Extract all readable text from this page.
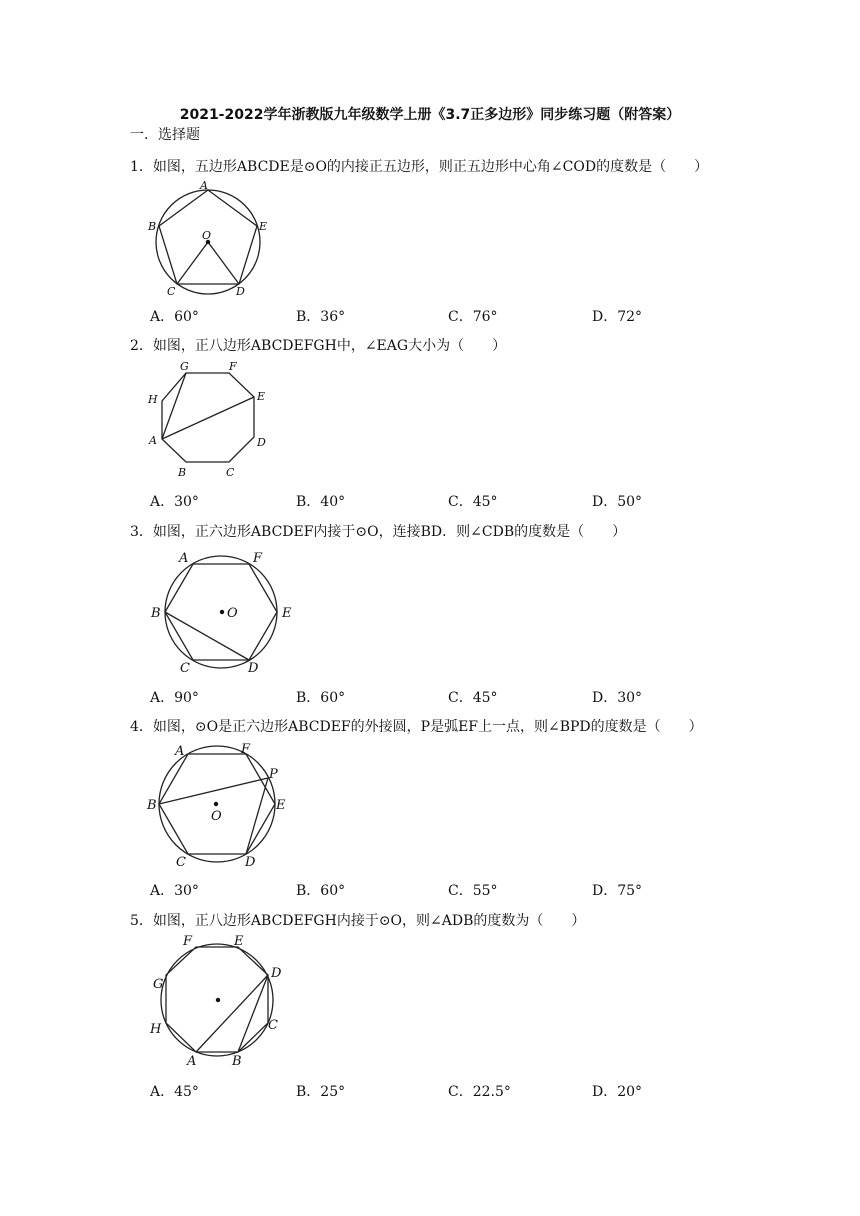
2021-2022学年浙教版九年级数学上册《3.7正多边形》同步练习题（附答案）
一．选择题
1．如图，五边形ABCDE是⊙O的内接正五边形，则正五边形中心角∠COD的度数是（　　）
A
B
C	D
E
O
A．60°	B．36°	C．76°	D．72°
2．如图，正八边形ABCDEFGH中，∠EAG大小为（　　）
A
B	C
D
E
F
G
H
A．30°	B．40°	C．45°	D．50°
3．如图，正六边形ABCDEF内接于⊙O，连接BD．则∠CDB的度数是（　　）
A
B
C	D
E
F
O
A．90°	B．60°	C．45°	D．30°
4．如图，⊙O是正六边形ABCDEF的外接圆，P是弧EF上一点，则∠BPD的度数是（　　）
A
B
C	D
E
F
P
O
A．30°	B．60°	C．55°	D．75°
5．如图，正八边形ABCDEFGH内接于⊙O，则∠ADB的度数为（　　）
A	B
C
D
E
F
G
H
A．45°	B．25°	C．22.5°	D．20°
